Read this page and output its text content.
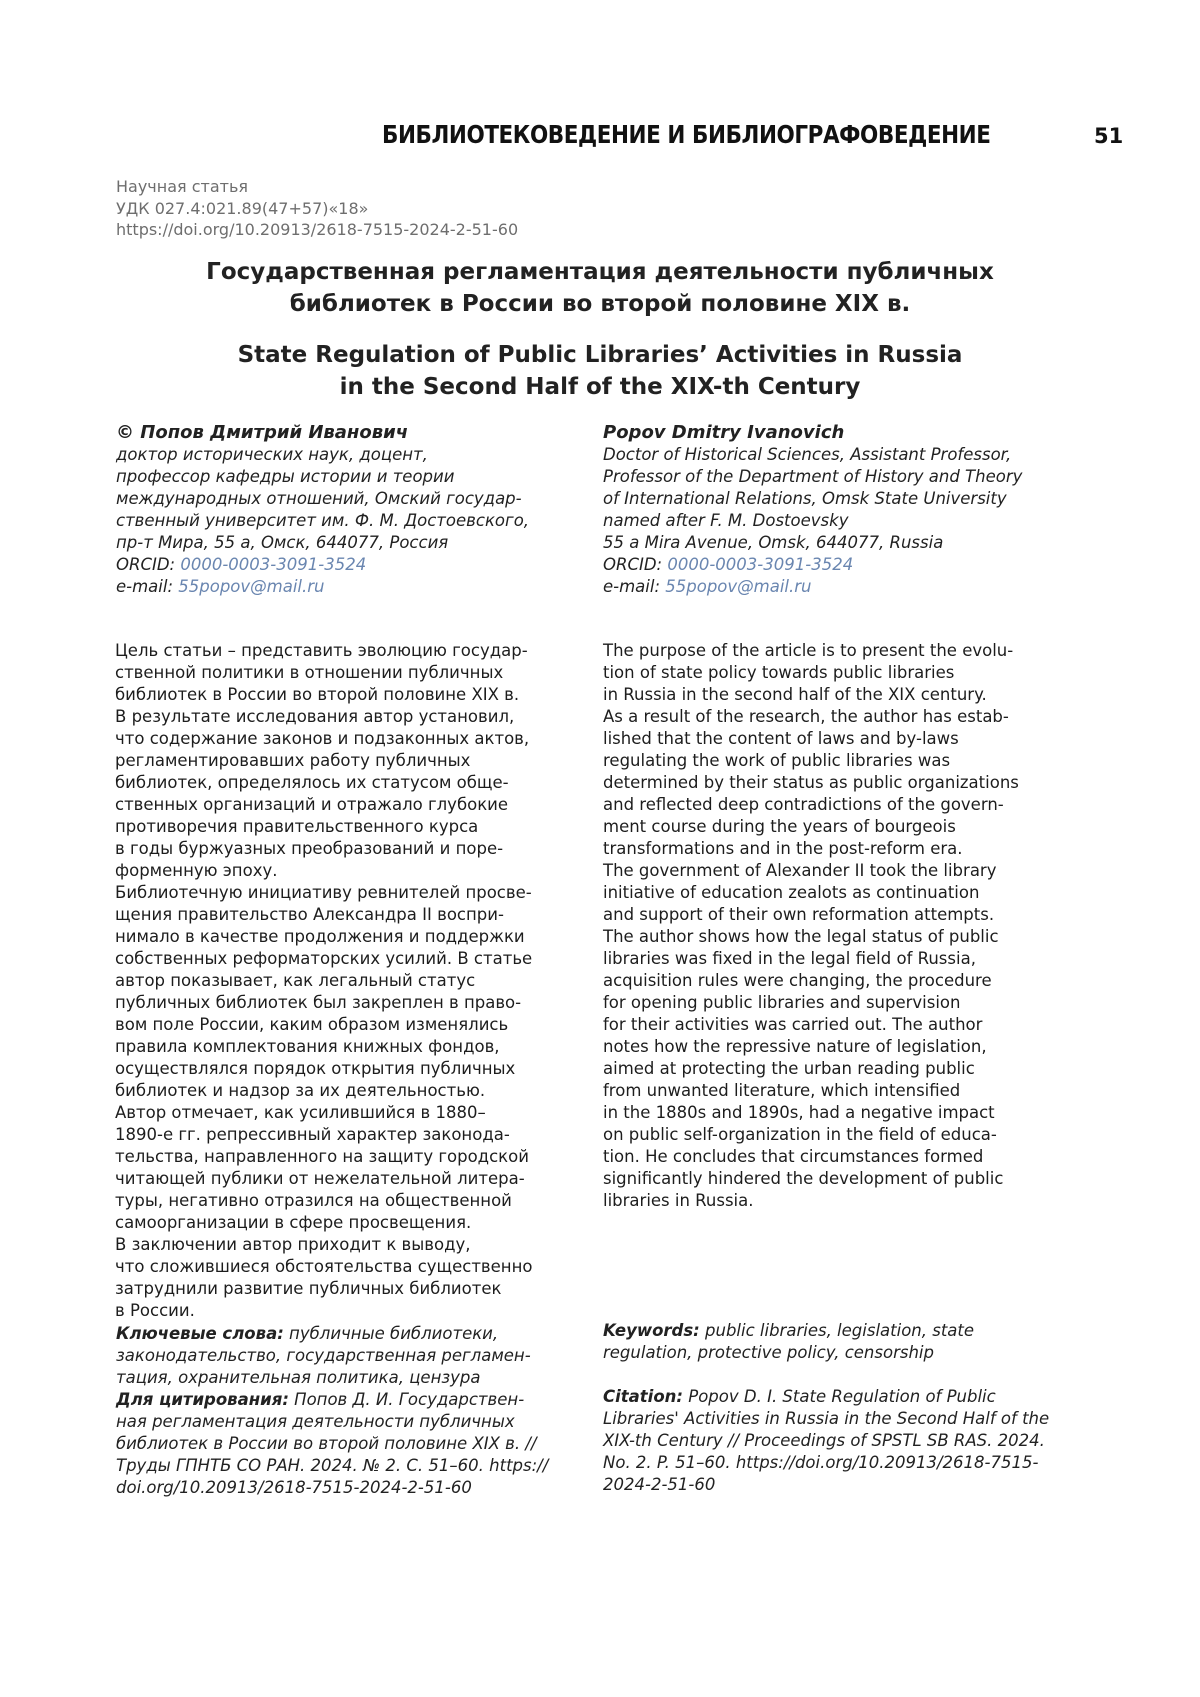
БИБЛИОТЕКОВЕДЕНИЕ И БИБЛИОГРАФОВЕДЕНИЕ	51
Научная статья
УДК 027.4:021.89(47+57)«18»
https://doi.org/10.20913/2618-7515-2024-2-51-60
Государственная регламентация деятельности публичных
библиотек в России во второй половине XIX в.
State Regulation of Public Libraries’ Activities in Russia
in the Second Half of the XIX-th Century
© Попов Дмитрий Иванович
доктор исторических наук, доцент,
профессор кафедры истории и теории
международных отношений, Омский государ-
ственный университет им. Ф. М. Достоевского,
пр-т Мира, 55 а, Омск, 644077, Россия
ORCID: 0000-0003-3091-3524
e-mail: 55popov@mail.ru
Popov Dmitry Ivanovich
Doctor of Historical Sciences, Assistant Professor,
Professor of the Department of History and Theory
of International Relations, Omsk State University
named after F. M. Dostoevsky
55 a Mira Avenue, Omsk, 644077, Russia
ORCID: 0000-0003-3091-3524
e-mail: 55popov@mail.ru
Цель статьи – представить эволюцию государ-
ственной политики в отношении публичных
библиотек в России во второй половине XIX в.
В результате исследования автор установил,
что содержание законов и подзаконных актов,
регламентировавших работу публичных
библиотек, определялось их статусом обще-
ственных организаций и отражало глубокие
противоречия правительственного курса
в годы буржуазных преобразований и поре-
форменную эпоху.
Библиотечную инициативу ревнителей просве-
щения правительство Александра II воспри-
нимало в качестве продолжения и поддержки
собственных реформаторских усилий. В статье
автор показывает, как легальный статус
публичных библиотек был закреплен в право-
вом поле России, каким образом изменялись
правила комплектования книжных фондов,
осуществлялся порядок открытия публичных
библиотек и надзор за их деятельностью.
Автор отмечает, как усилившийся в 1880–
1890-е гг. репрессивный характер законода-
тельства, направленного на защиту городской
читающей публики от нежелательной литера-
туры, негативно отразился на общественной
самоорганизации в сфере просвещения.
В заключении автор приходит к выводу,
что сложившиеся обстоятельства существенно
затруднили развитие публичных библиотек
в России.
The purpose of the article is to present the evolu-
tion of state policy towards public libraries
in Russia in the second half of the XIX century.
As a result of the research, the author has estab-
lished that the content of laws and by-laws
regulating the work of public libraries was
determined by their status as public organizations
and reflected deep contradictions of the govern-
ment course during the years of bourgeois
transformations and in the post-reform era.
The government of Alexander II took the library
initiative of education zealots as continuation
and support of their own reformation attempts.
The author shows how the legal status of public
libraries was fixed in the legal field of Russia,
acquisition rules were changing, the procedure
for opening public libraries and supervision
for their activities was carried out. The author
notes how the repressive nature of legislation,
aimed at protecting the urban reading public
from unwanted literature, which intensified
in the 1880s and 1890s, had a negative impact
on public self-organization in the field of educa-
tion. He concludes that circumstances formed
significantly hindered the development of public
libraries in Russia.
Ключевые слова: публичные библиотеки,
законодательство, государственная регламен-
тация, охранительная политика, цензура
Keywords: public libraries, legislation, state
regulation, protective policy, censorship
Для цитирования: Попов Д. И. Государствен-
ная регламентация деятельности публичных
библиотек в России во второй половине XIX в. //
Труды ГПНТБ СО РАН. 2024. № 2. С. 51–60. https://
doi.org/10.20913/2618-7515-2024-2-51-60
Citation: Popov D. I. State Regulation of Public
Libraries' Activities in Russia in the Second Half of the
XIX-th Century // Proceedings of SPSTL SB RAS. 2024.
No. 2. P. 51–60. https://doi.org/10.20913/2618-7515-
2024-2-51-60
